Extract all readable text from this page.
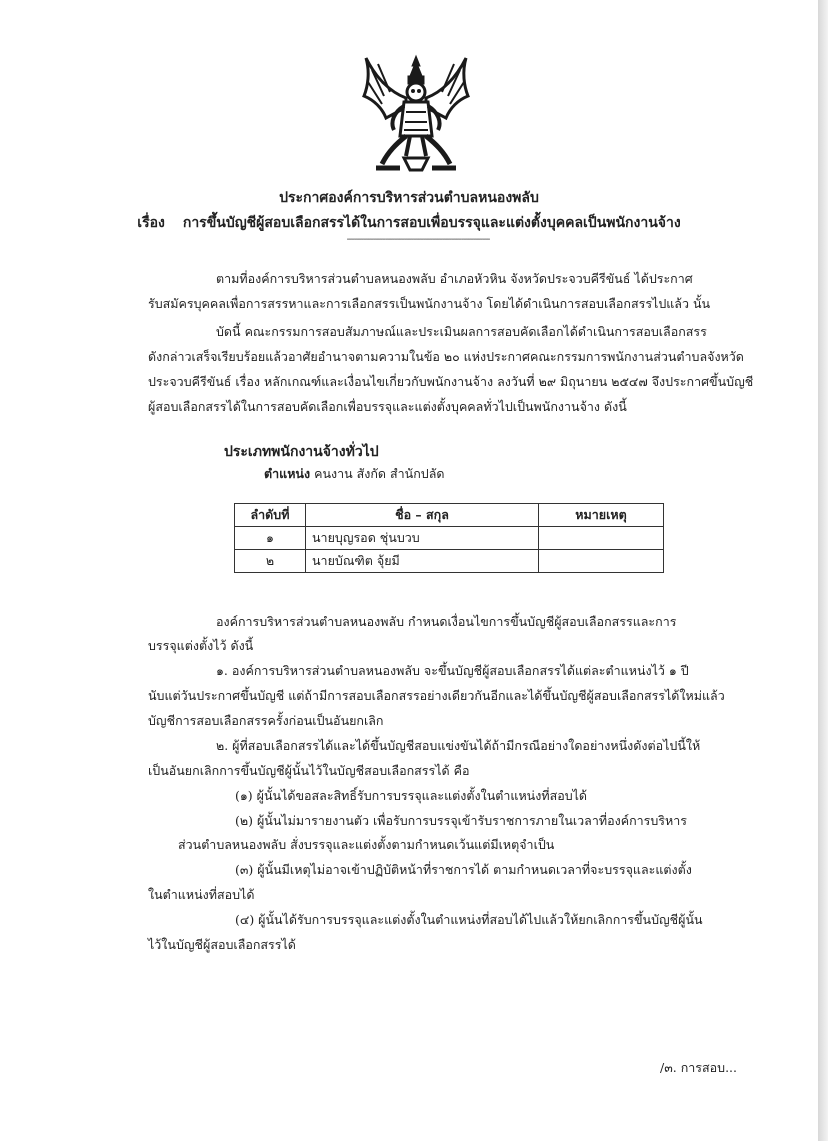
ประกาศองค์การบริหารส่วนตำบลหนองพลับ
เรื่อง การขึ้นบัญชีผู้สอบเลือกสรรได้ในการสอบเพื่อบรรจุและแต่งตั้งบุคคลเป็นพนักงานจ้าง
------------------------------------------------------------
ตามที่องค์การบริหารส่วนตำบลหนองพลับ อำเภอหัวหิน จังหวัดประจวบคีรีขันธ์ ได้ประกาศ
รับสมัครบุคคลเพื่อการสรรหาและการเลือกสรรเป็นพนักงานจ้าง โดยได้ดำเนินการสอบเลือกสรรไปแล้ว นั้น
บัดนี้ คณะกรรมการสอบสัมภาษณ์และประเมินผลการสอบคัดเลือกได้ดำเนินการสอบเลือกสรร
ดังกล่าวเสร็จเรียบร้อยแล้วอาศัยอำนาจตามความในข้อ ๒๐ แห่งประกาศคณะกรรมการพนักงานส่วนตำบลจังหวัด
ประจวบคีรีขันธ์ เรื่อง หลักเกณฑ์และเงื่อนไขเกี่ยวกับพนักงานจ้าง ลงวันที่ ๒๙ มิถุนายน ๒๕๔๗ จึงประกาศขึ้นบัญชี
ผู้สอบเลือกสรรได้ในการสอบคัดเลือกเพื่อบรรจุและแต่งตั้งบุคคลทั่วไปเป็นพนักงานจ้าง ดังนี้
ประเภทพนักงานจ้างทั่วไป
ตำแหน่ง คนงาน สังกัด สำนักปลัด
ลำดับที่	ชื่อ – สกุล	หมายเหตุ
๑	นายบุญรอด ชุ่นบวบ	
๒	นายบัณฑิต จุ้ยมี	
องค์การบริหารส่วนตำบลหนองพลับ กำหนดเงื่อนไขการขึ้นบัญชีผู้สอบเลือกสรรและการ
บรรจุแต่งตั้งไว้ ดังนี้
๑. องค์การบริหารส่วนตำบลหนองพลับ จะขึ้นบัญชีผู้สอบเลือกสรรได้แต่ละตำแหน่งไว้ ๑ ปี
นับแต่วันประกาศขึ้นบัญชี แต่ถ้ามีการสอบเลือกสรรอย่างเดียวกันอีกและได้ขึ้นบัญชีผู้สอบเลือกสรรได้ใหม่แล้ว
บัญชีการสอบเลือกสรรครั้งก่อนเป็นอันยกเลิก
๒. ผู้ที่สอบเลือกสรรได้และได้ขึ้นบัญชีสอบแข่งขันได้ถ้ามีกรณีอย่างใดอย่างหนึ่งดังต่อไปนี้ให้
เป็นอันยกเลิกการขึ้นบัญชีผู้นั้นไว้ในบัญชีสอบเลือกสรรได้ คือ
(๑) ผู้นั้นได้ขอสละสิทธิ์รับการบรรจุและแต่งตั้งในตำแหน่งที่สอบได้
(๒) ผู้นั้นไม่มารายงานตัว เพื่อรับการบรรจุเข้ารับราชการภายในเวลาที่องค์การบริหาร
ส่วนตำบลหนองพลับ สั่งบรรจุและแต่งตั้งตามกำหนดเว้นแต่มีเหตุจำเป็น
(๓) ผู้นั้นมีเหตุไม่อาจเข้าปฏิบัติหน้าที่ราชการได้ ตามกำหนดเวลาที่จะบรรจุและแต่งตั้ง
ในตำแหน่งที่สอบได้
(๔) ผู้นั้นได้รับการบรรจุและแต่งตั้งในตำแหน่งที่สอบได้ไปแล้วให้ยกเลิกการขึ้นบัญชีผู้นั้น
ไว้ในบัญชีผู้สอบเลือกสรรได้
/๓. การสอบ...
